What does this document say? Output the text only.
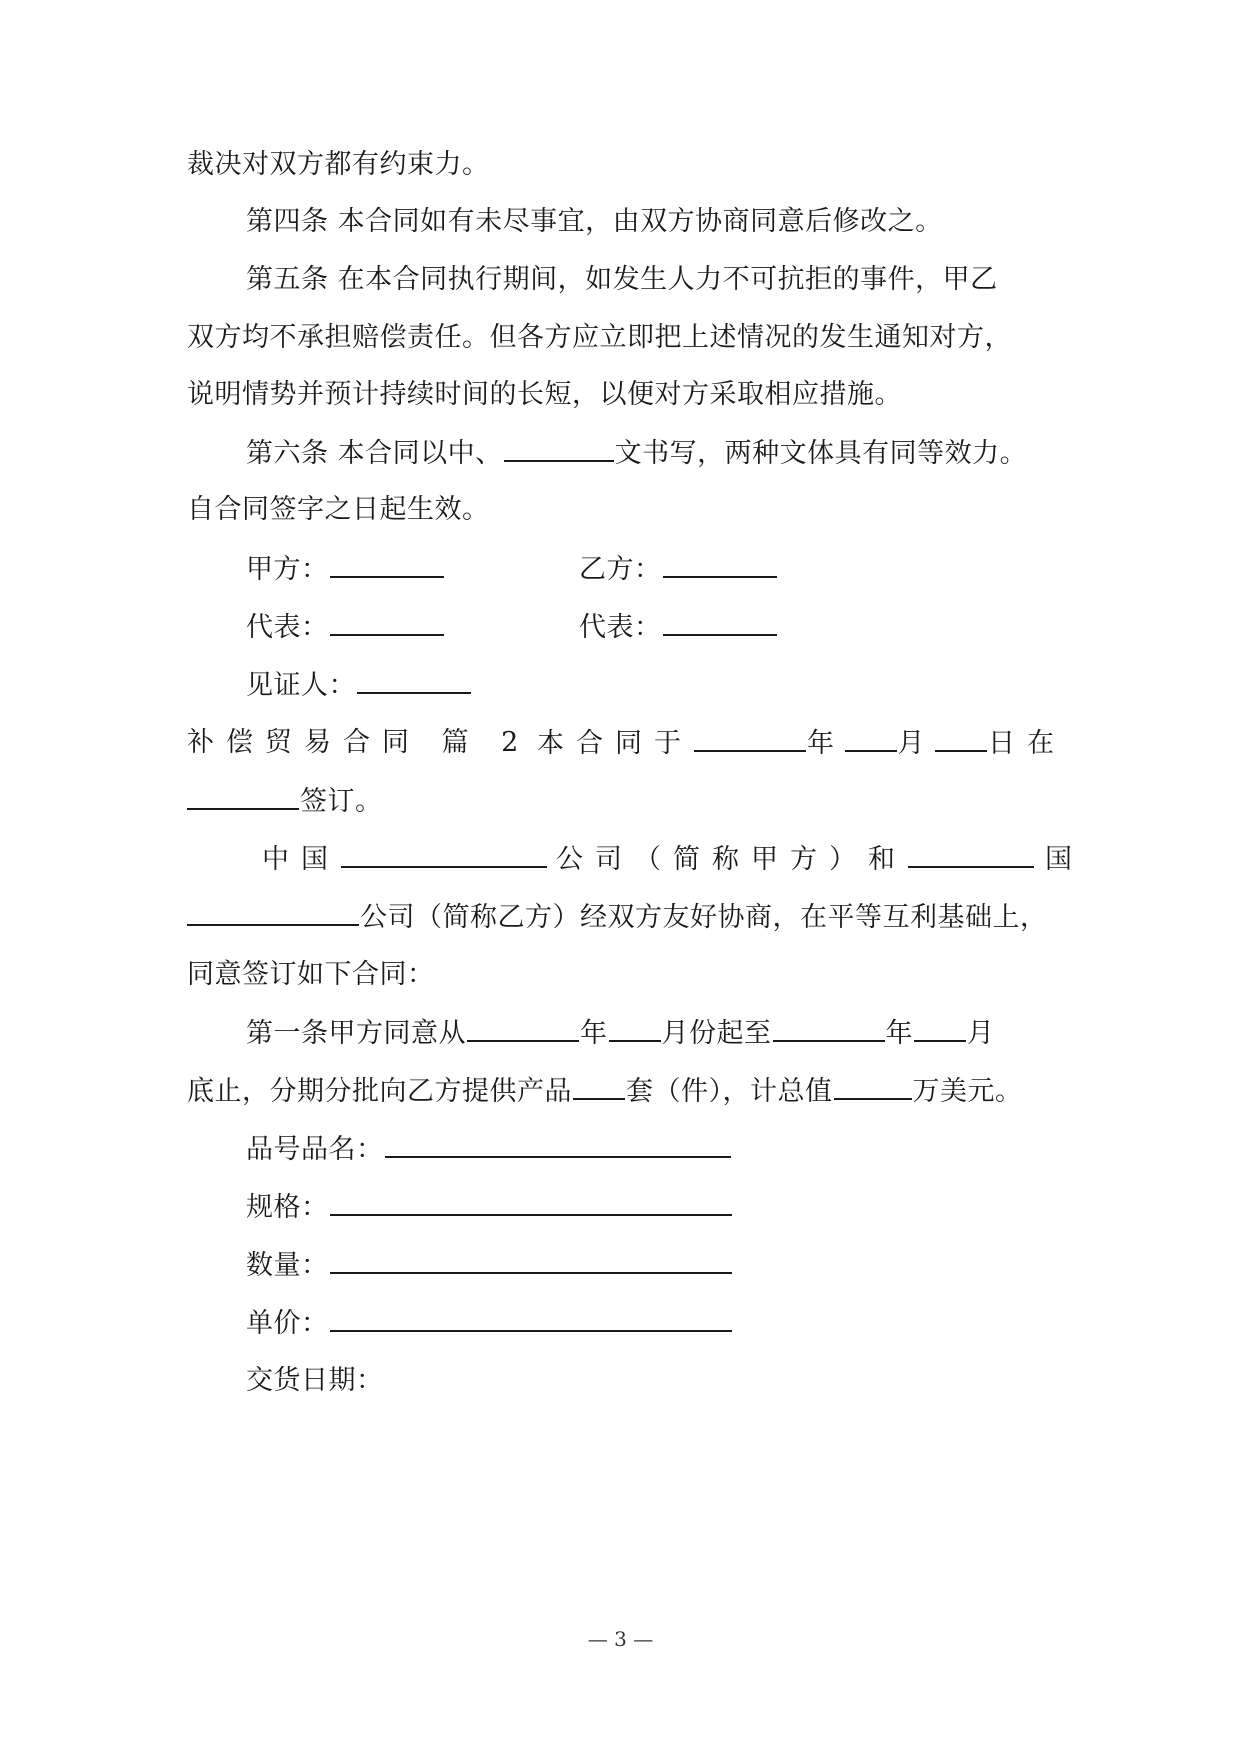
裁决对双方都有约束力。
第四条 本合同如有未尽事宜，由双方协商同意后修改之。
第五条 在本合同执行期间，如发生人力不可抗拒的事件，甲乙
双方均不承担赔偿责任。但各方应立即把上述情况的发生通知对方，
说明情势并预计持续时间的长短，以便对方采取相应措施。
第六条 本合同以中、	文书写，两种文体具有同等效力。
自合同签字之日起生效。
甲方：	乙方：
代表：	代表：
见证人：
补偿贸易合同 篇 2 本合同于	年 月 日在
签订。
中国	公司（简称甲方）和	国
公司（简称乙方）经双方友好协商，在平等互利基础上，
同意签订如下合同：
第一条甲方同意从	年 月份起至	年 月
底止，分期分批向乙方提供产品 套（件），计总值	万美元。
品号品名：
规格：
数量：
单价：
交货日期：
— 3 —
